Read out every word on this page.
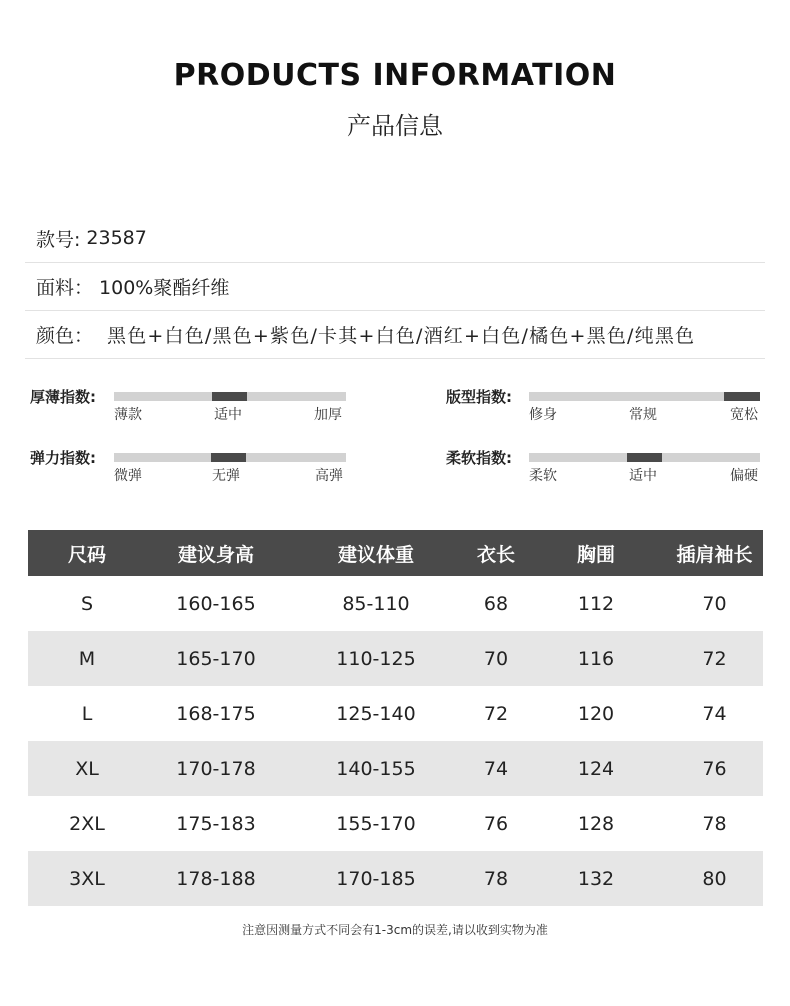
PRODUCTS INFORMATION
产品信息
款号: 23587
面料： 100%聚酯纤维
颜色： 黑色+白色/黑色+紫色/卡其+白色/酒红+白色/橘色+黑色/纯黑色
厚薄指数:
薄款	适中	加厚
版型指数:
修身	常规	宽松
弹力指数:
微弹	无弹	高弹
柔软指数:
柔软	适中	偏硬
尺码	建议身高	建议体重	衣长	胸围	插肩袖长
S	160-165	85-110	68	112	70
M	165-170	110-125	70	116	72
L	168-175	125-140	72	120	74
XL	170-178	140-155	74	124	76
2XL	175-183	155-170	76	128	78
3XL	178-188	170-185	78	132	80
注意因测量方式不同会有1-3cm的误差,请以收到实物为准
